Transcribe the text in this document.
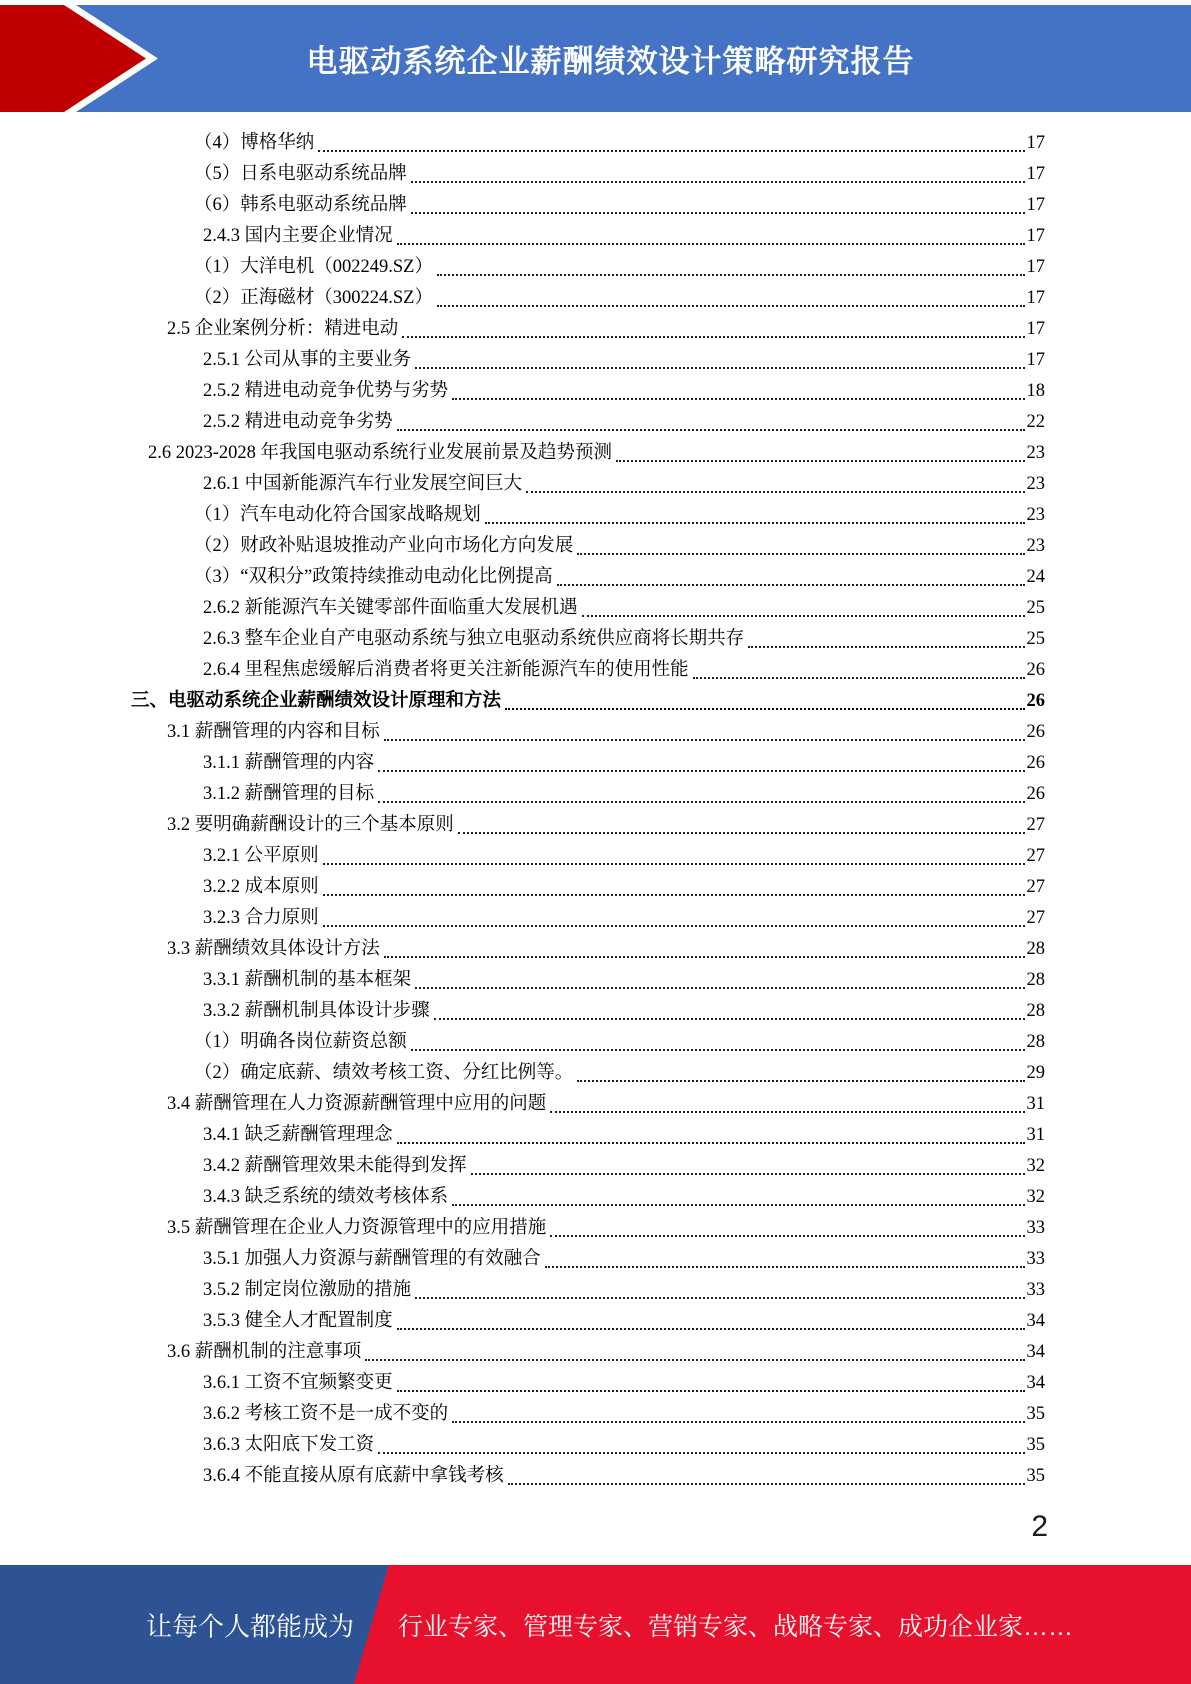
电驱动系统企业薪酬绩效设计策略研究报告
（4）博格华纳	17
（5）日系电驱动系统品牌	17
（6）韩系电驱动系统品牌	17
2.4.3 国内主要企业情况	17
（1）大洋电机（002249.SZ）	17
（2）正海磁材（300224.SZ）	17
2.5 企业案例分析：精进电动	17
2.5.1 公司从事的主要业务	17
2.5.2 精进电动竞争优势与劣势	18
2.5.2 精进电动竞争劣势	22
2.6 2023-2028 年我国电驱动系统行业发展前景及趋势预测	23
2.6.1 中国新能源汽车行业发展空间巨大	23
（1）汽车电动化符合国家战略规划	23
（2）财政补贴退坡推动产业向市场化方向发展	23
（3）“双积分”政策持续推动电动化比例提高	24
2.6.2 新能源汽车关键零部件面临重大发展机遇	25
2.6.3 整车企业自产电驱动系统与独立电驱动系统供应商将长期共存	25
2.6.4 里程焦虑缓解后消费者将更关注新能源汽车的使用性能	26
三、电驱动系统企业薪酬绩效设计原理和方法	26
3.1 薪酬管理的内容和目标	26
3.1.1 薪酬管理的内容	26
3.1.2 薪酬管理的目标	26
3.2 要明确薪酬设计的三个基本原则	27
3.2.1 公平原则	27
3.2.2 成本原则	27
3.2.3 合力原则	27
3.3 薪酬绩效具体设计方法	28
3.3.1 薪酬机制的基本框架	28
3.3.2 薪酬机制具体设计步骤	28
（1）明确各岗位薪资总额	28
（2）确定底薪、绩效考核工资、分红比例等。	29
3.4 薪酬管理在人力资源薪酬管理中应用的问题	31
3.4.1 缺乏薪酬管理理念	31
3.4.2 薪酬管理效果未能得到发挥	32
3.4.3 缺乏系统的绩效考核体系	32
3.5 薪酬管理在企业人力资源管理中的应用措施	33
3.5.1 加强人力资源与薪酬管理的有效融合	33
3.5.2 制定岗位激励的措施	33
3.5.3 健全人才配置制度	34
3.6 薪酬机制的注意事项	34
3.6.1 工资不宜频繁变更	34
3.6.2 考核工资不是一成不变的	35
3.6.3 太阳底下发工资	35
3.6.4 不能直接从原有底薪中拿钱考核	35
2
让每个人都能成为 行业专家、管理专家、营销专家、战略专家、成功企业家……
